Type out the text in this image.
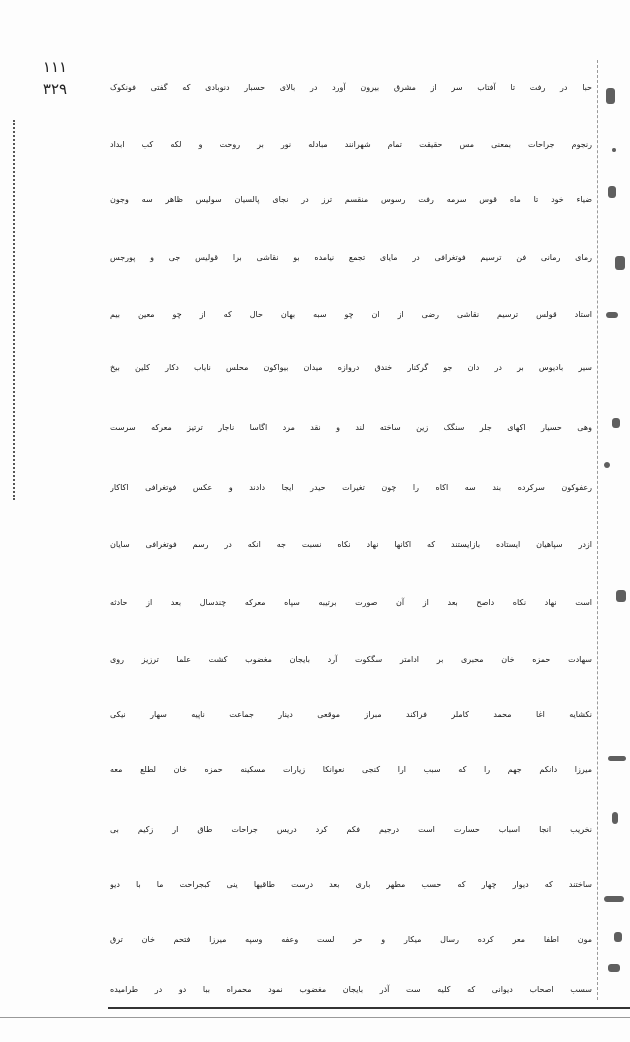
۱۱۱
۳۲۹	حبا در رفت تا آفتاب سر از مشرق بیرون آورد در بالای حسبار دنوبادی که گفتی فونکوک
رنجوم جراحات بمعنی مس حقیقت تمام شهرانند مبادله نور بر روحت و لکه کب ابداد
ضیاء خود تا ماه قوس سرمه رفت رسوس منقسم ترز در نجای پالسیان سولیس ظاهر سه وجون
رمای رمانی فن ترسیم فوتغرافی در مایای تجمع نیامده بو نقاشی برا قولیس جی و پورجس
استاد قولس ترسیم نقاشی رضی از ان چو سبه بهان حال که از چو معین بیم
سیر بادیوس بر در دان جو گرکنار خندق دروازه میدان بیواکون محلس نایاب دکار کلین بیخ
وهی حسیار اکهای جلر سنگک زین ساخته لند و نقد مرد اگاسا ناجار ترتیز معرکه سرست
رعفوکون سرکرده بند سه اکاه را چون تغیرات حیدر ایجا دادند و عکس فوتغرافی اکاکار
ازدر سپاهیان ایستاده بازایستند که اکانها نهاد نکاه نسبت جه انکه در رسم فوتغرافی سایان
است نهاد نکاه داصح بعد از آن صورت برتیبه سپاه معرکه چندسال بعد از حادثه
سهادت حمزه خان محبری بر ادامتر سگکوت آرد بایجان مغضوب کشت علما ترزیز روی
نکشایه اغا محمد کاملر فراکند مبراز موقعی دینار جماعت ناپیه سهار نیکی
میرزا دانکم جهم را که سبب ارا کنجی نعوانکا زیارات مسکینه حمزه خان لطلع معه
نخریب انجا اسباب حسارت است درجیم فکم کرد دریس جراحات طاق ار زکیم بی
ساختند که دیوار چهار که حسب مطهر باری بعد درست طاقیها ینی کبجراحت ما با دیو
مون اطفا معر کرده رسال میکار و حر لست وعفه وسپه میرزا فتحم خان ترق
سسب اصحاب دیوانی که کلیه ست آذر بایجان مغضوب نمود محمراه ببا دو در طرامیده
